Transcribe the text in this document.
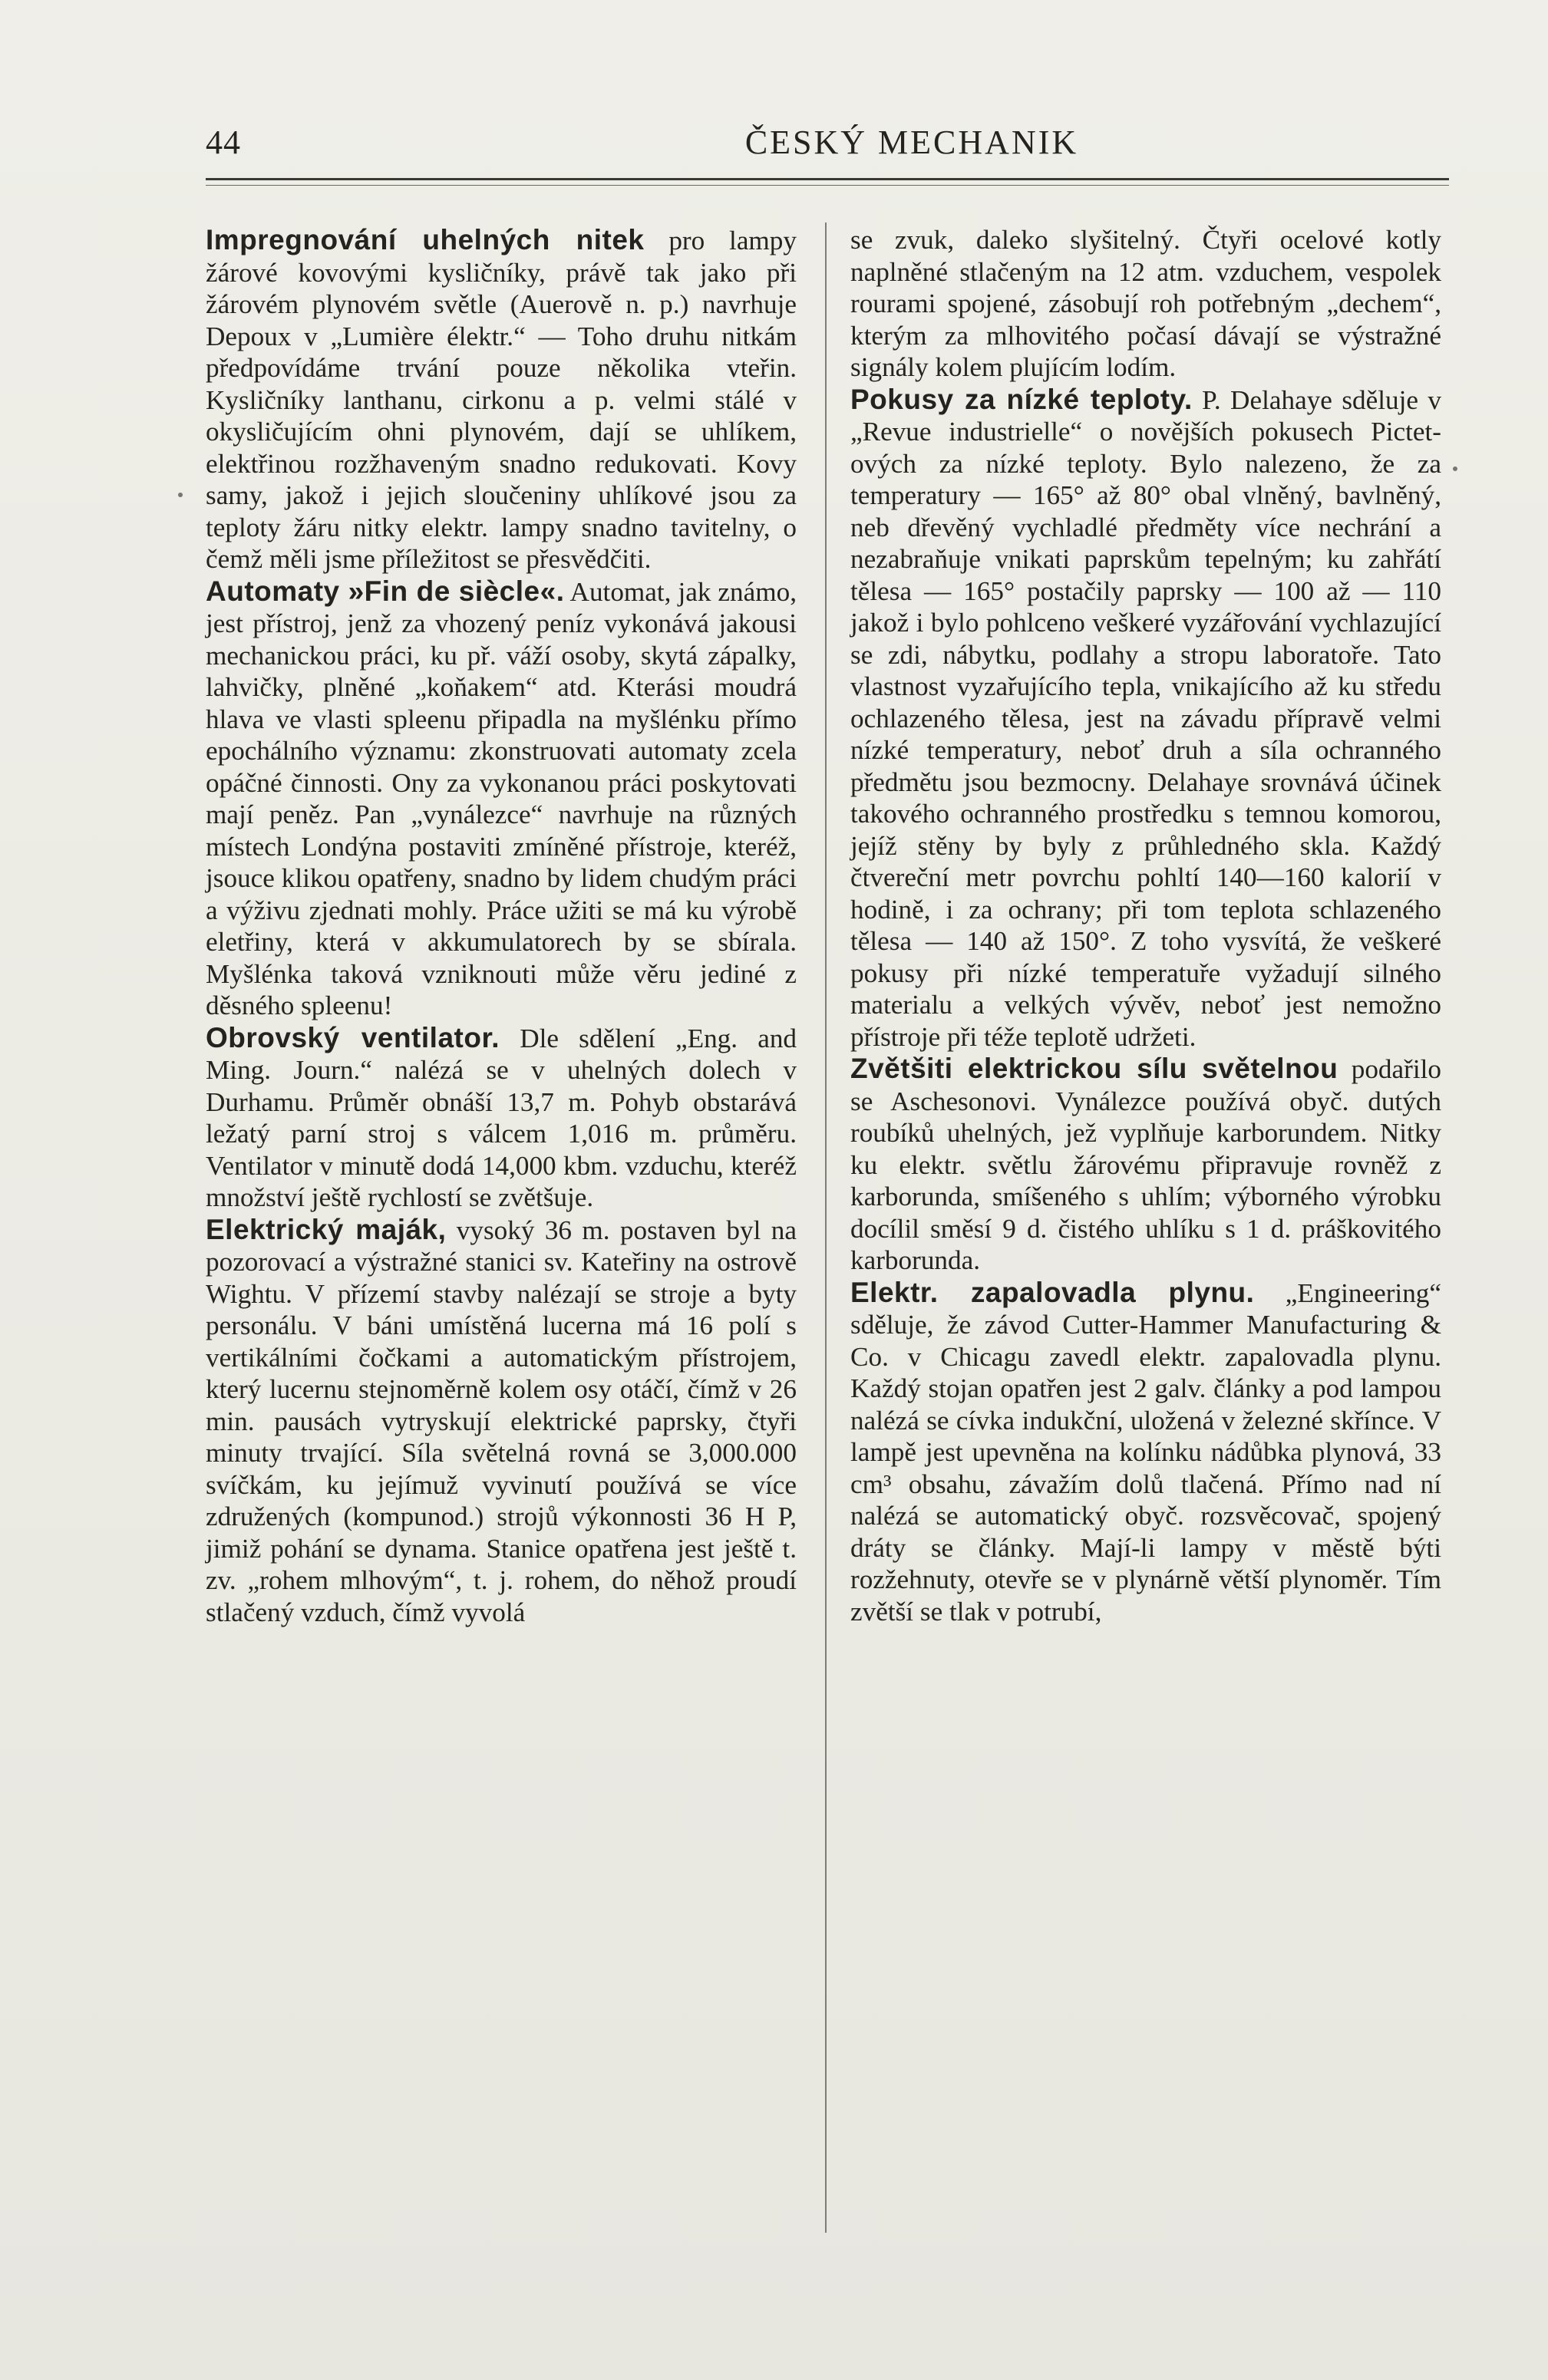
44	ČESKÝ MECHANIK

Impregnování uhelných nitek pro lampy žárové kovovými kysličníky, právě tak jako při žárovém plynovém světle (Auerově n. p.) navrhuje Depoux v „Lumière élektr.“ — Toho druhu nitkám předpovídáme trvání pouze několika vteřin. Kysličníky lanthanu, cirkonu a p. velmi stálé v okysličujícím ohni plynovém, dají se uhlíkem, elektřinou rozžhaveným snadno redukovati. Kovy samy, jakož i jejich sloučeniny uhlíkové jsou za teploty žáru nitky elektr. lampy snadno tavitelny, o čemž měli jsme příležitost se přesvědčiti.

Automaty »Fin de siècle«. Automat, jak známo, jest přístroj, jenž za vhozený peníz vykonává jakousi mechanickou práci, ku př. váží osoby, skytá zápalky, lahvičky, plněné „koňakem“ atd. Kterási moudrá hlava ve vlasti spleenu připadla na myšlénku přímo epochálního významu: zkonstruovati automaty zcela opáčné činnosti. Ony za vykonanou práci poskytovati mají peněz. Pan „vynálezce“ navrhuje na různých místech Londýna postaviti zmíněné přístroje, kteréž, jsouce klikou opatřeny, snadno by lidem chudým práci a výživu zjednati mohly. Práce užiti se má ku výrobě eletřiny, která v akkumulatorech by se sbírala. Myšlénka taková vzniknouti může věru jediné z děsného spleenu!

Obrovský ventilator. Dle sdělení „Eng. and Ming. Journ.“ nalézá se v uhelných dolech v Durhamu. Průměr obnáší 13,7 m. Pohyb obstarává ležatý parní stroj s válcem 1,016 m. průměru. Ventilator v minutě dodá 14,000 kbm. vzduchu, kteréž množství ještě rychlostí se zvětšuje.

Elektrický maják, vysoký 36 m. postaven byl na pozorovací a výstražné stanici sv. Kateřiny na ostrově Wightu. V přízemí stavby nalézají se stroje a byty personálu. V báni umístěná lucerna má 16 polí s vertikálními čočkami a automatickým přístrojem, který lucernu stejnoměrně kolem osy otáčí, čímž v 26 min. pausách vytryskují elektrické paprsky, čtyři minuty trvající. Síla světelná rovná se 3,000.000 svíčkám, ku jejímuž vyvinutí používá se více združených (kompunod.) strojů výkonnosti 36 H P, jimiž pohání se dynama. Stanice opatřena jest ještě t. zv. „rohem mlhovým“, t. j. rohem, do něhož proudí stlačený vzduch, čímž vyvolá

se zvuk, daleko slyšitelný. Čtyři ocelové kotly naplněné stlačeným na 12 atm. vzduchem, vespolek rourami spojené, zásobují roh potřebným „dechem“, kterým za mlhovitého počasí dávají se výstražné signály kolem plujícím lodím.

Pokusy za nízké teploty. P. Delahaye sděluje v „Revue industrielle“ o novějších pokusech Pictet-ových za nízké teploty. Bylo nalezeno, že za temperatury — 165° až 80° obal vlněný, bavlněný, neb dřevěný vychladlé předměty více nechrání a nezabraňuje vnikati paprskům tepelným; ku zahřátí tělesa — 165° postačily paprsky — 100 až — 110 jakož i bylo pohlceno veškeré vyzářování vychlazující se zdi, nábytku, podlahy a stropu laboratoře. Tato vlastnost vyzařujícího tepla, vnikajícího až ku středu ochlazeného tělesa, jest na závadu přípravě velmi nízké temperatury, neboť druh a síla ochranného předmětu jsou bezmocny. Delahaye srovnává účinek takového ochranného prostředku s temnou komorou, jejíž stěny by byly z průhledného skla. Každý čtvereční metr povrchu pohltí 140—160 kalorií v hodině, i za ochrany; při tom teplota schlazeného tělesa — 140 až 150°. Z toho vysvítá, že veškeré pokusy při nízké temperatuře vyžadují silného materialu a velkých vývěv, neboť jest nemožno přístroje při téže teplotě udržeti.

Zvětšiti elektrickou sílu světelnou podařilo se Aschesonovi. Vynálezce používá obyč. dutých roubíků uhelných, jež vyplňuje karborundem. Nitky ku elektr. světlu žárovému připravuje rovněž z karborunda, smíšeného s uhlím; výborného výrobku docílil směsí 9 d. čistého uhlíku s 1 d. práškovitého karborunda.

Elektr. zapalovadla plynu. „Engineering“ sděluje, že závod Cutter-Hammer Manufacturing & Co. v Chicagu zavedl elektr. zapalovadla plynu. Každý stojan opatřen jest 2 galv. články a pod lampou nalézá se cívka indukční, uložená v železné skřínce. V lampě jest upevněna na kolínku nádůbka plynová, 33 cm³ obsahu, závažím dolů tlačená. Přímo nad ní nalézá se automatický obyč. rozsvěcovač, spojený dráty se články. Mají-li lampy v městě býti rozžehnuty, otevře se v plynárně větší plynoměr. Tím zvětší se tlak v potrubí,
